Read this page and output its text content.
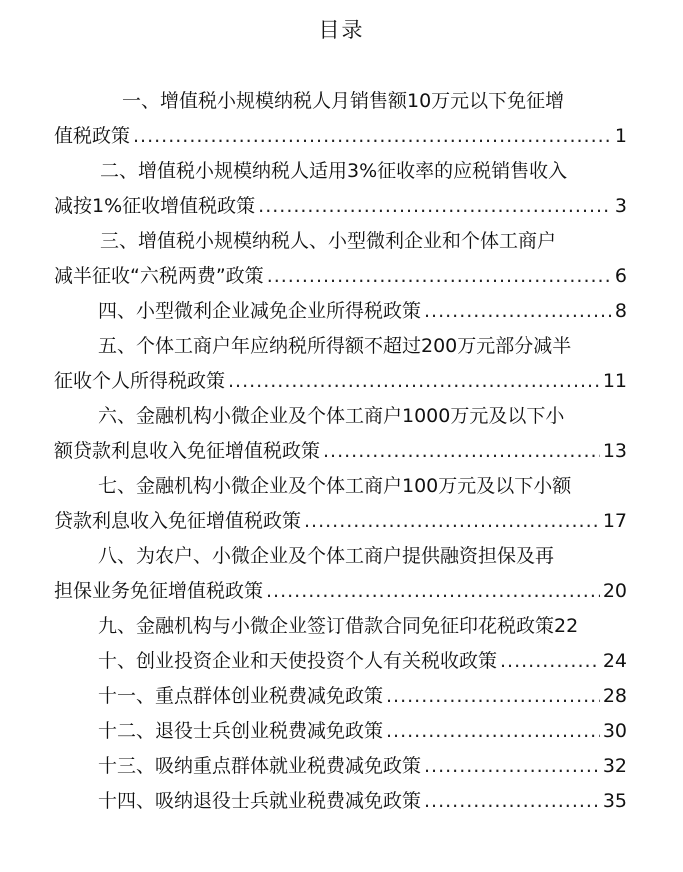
目录
一、增值税小规模纳税人月销售额10万元以下免征增
值税政策 .....	1
二、增值税小规模纳税人适用3%征收率的应税销售收入
减按1%征收增值税政策 .....	3
三、增值税小规模纳税人、小型微利企业和个体工商户
减半征收“六税两费”政策 .....	6
四、小型微利企业减免企业所得税政策 .....	8
五、个体工商户年应纳税所得额不超过200万元部分减半
征收个人所得税政策 .....	11
六、金融机构小微企业及个体工商户1000万元及以下小
额贷款利息收入免征增值税政策 .....	13
七、金融机构小微企业及个体工商户100万元及以下小额
贷款利息收入免征增值税政策 .....	17
八、为农户、小微企业及个体工商户提供融资担保及再
担保业务免征增值税政策 .....	20
九、金融机构与小微企业签订借款合同免征印花税政策 22
十、创业投资企业和天使投资个人有关税收政策 .....	24
十一、重点群体创业税费减免政策 .....	28
十二、退役士兵创业税费减免政策 .....	30
十三、吸纳重点群体就业税费减免政策 .....	32
十四、吸纳退役士兵就业税费减免政策 .....	35
